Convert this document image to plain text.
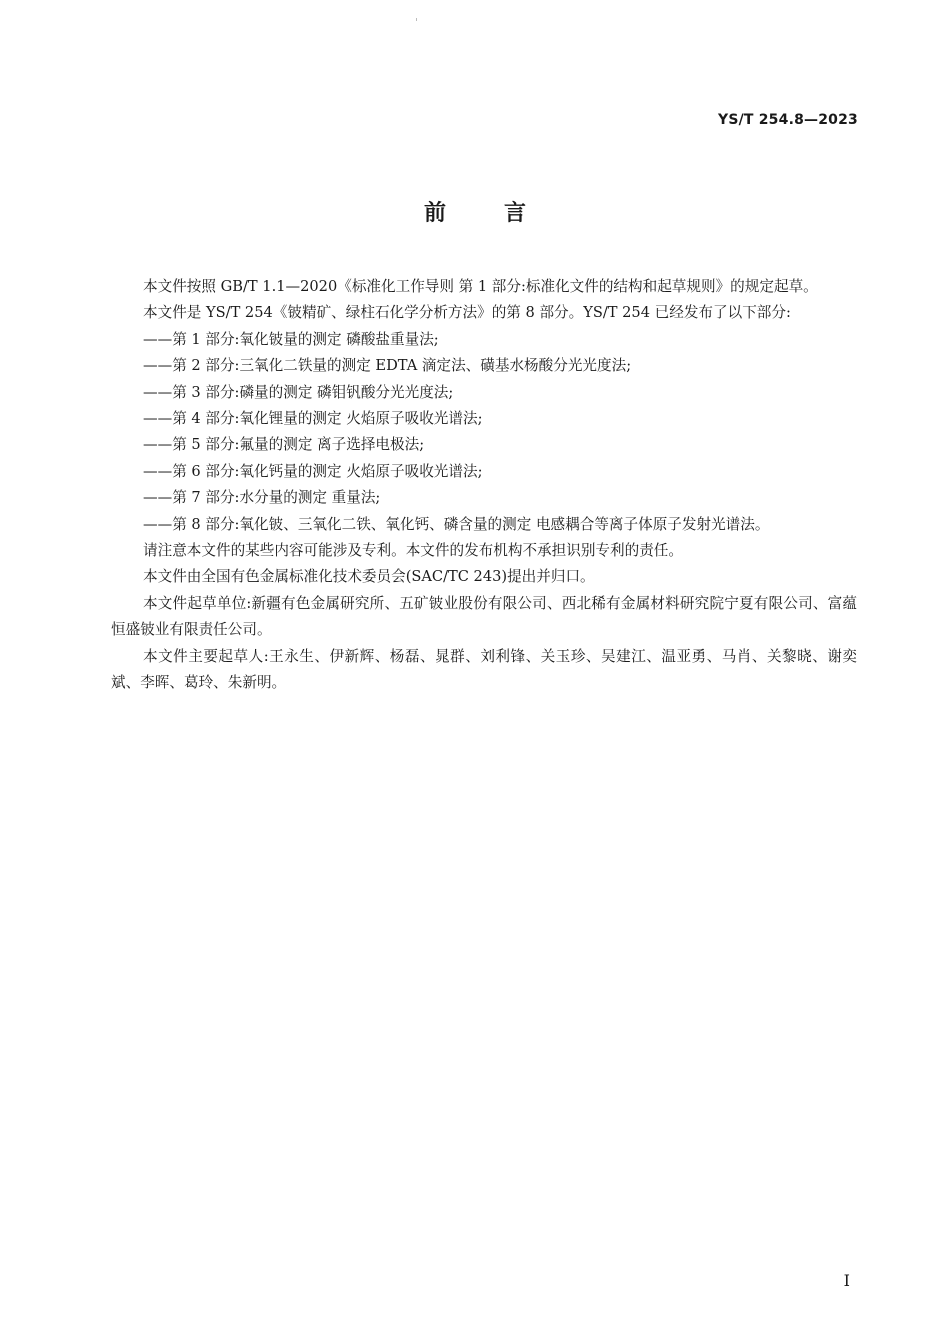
YS/T 254.8—2023
前言

本文件按照 GB/T 1.1—2020《标准化工作导则 第 1 部分:标准化文件的结构和起草规则》的规定起草。

本文件是 YS/T 254《铍精矿、绿柱石化学分析方法》的第 8 部分。YS/T 254 已经发布了以下部分:

——第 1 部分:氧化铍量的测定 磷酸盐重量法;

——第 2 部分:三氧化二铁量的测定 EDTA 滴定法、磺基水杨酸分光光度法;

——第 3 部分:磷量的测定 磷钼钒酸分光光度法;

——第 4 部分:氧化锂量的测定 火焰原子吸收光谱法;

——第 5 部分:氟量的测定 离子选择电极法;

——第 6 部分:氧化钙量的测定 火焰原子吸收光谱法;

——第 7 部分:水分量的测定 重量法;

——第 8 部分:氧化铍、三氧化二铁、氧化钙、磷含量的测定 电感耦合等离子体原子发射光谱法。

请注意本文件的某些内容可能涉及专利。本文件的发布机构不承担识别专利的责任。

本文件由全国有色金属标准化技术委员会(SAC/TC 243)提出并归口。

本文件起草单位:新疆有色金属研究所、五矿铍业股份有限公司、西北稀有金属材料研究院宁夏有限公司、富蕴恒盛铍业有限责任公司。

本文件主要起草人:王永生、伊新辉、杨磊、晁群、刘利锋、关玉珍、吴建江、温亚勇、马肖、关黎晓、谢奕斌、李晖、葛玲、朱新明。

I
